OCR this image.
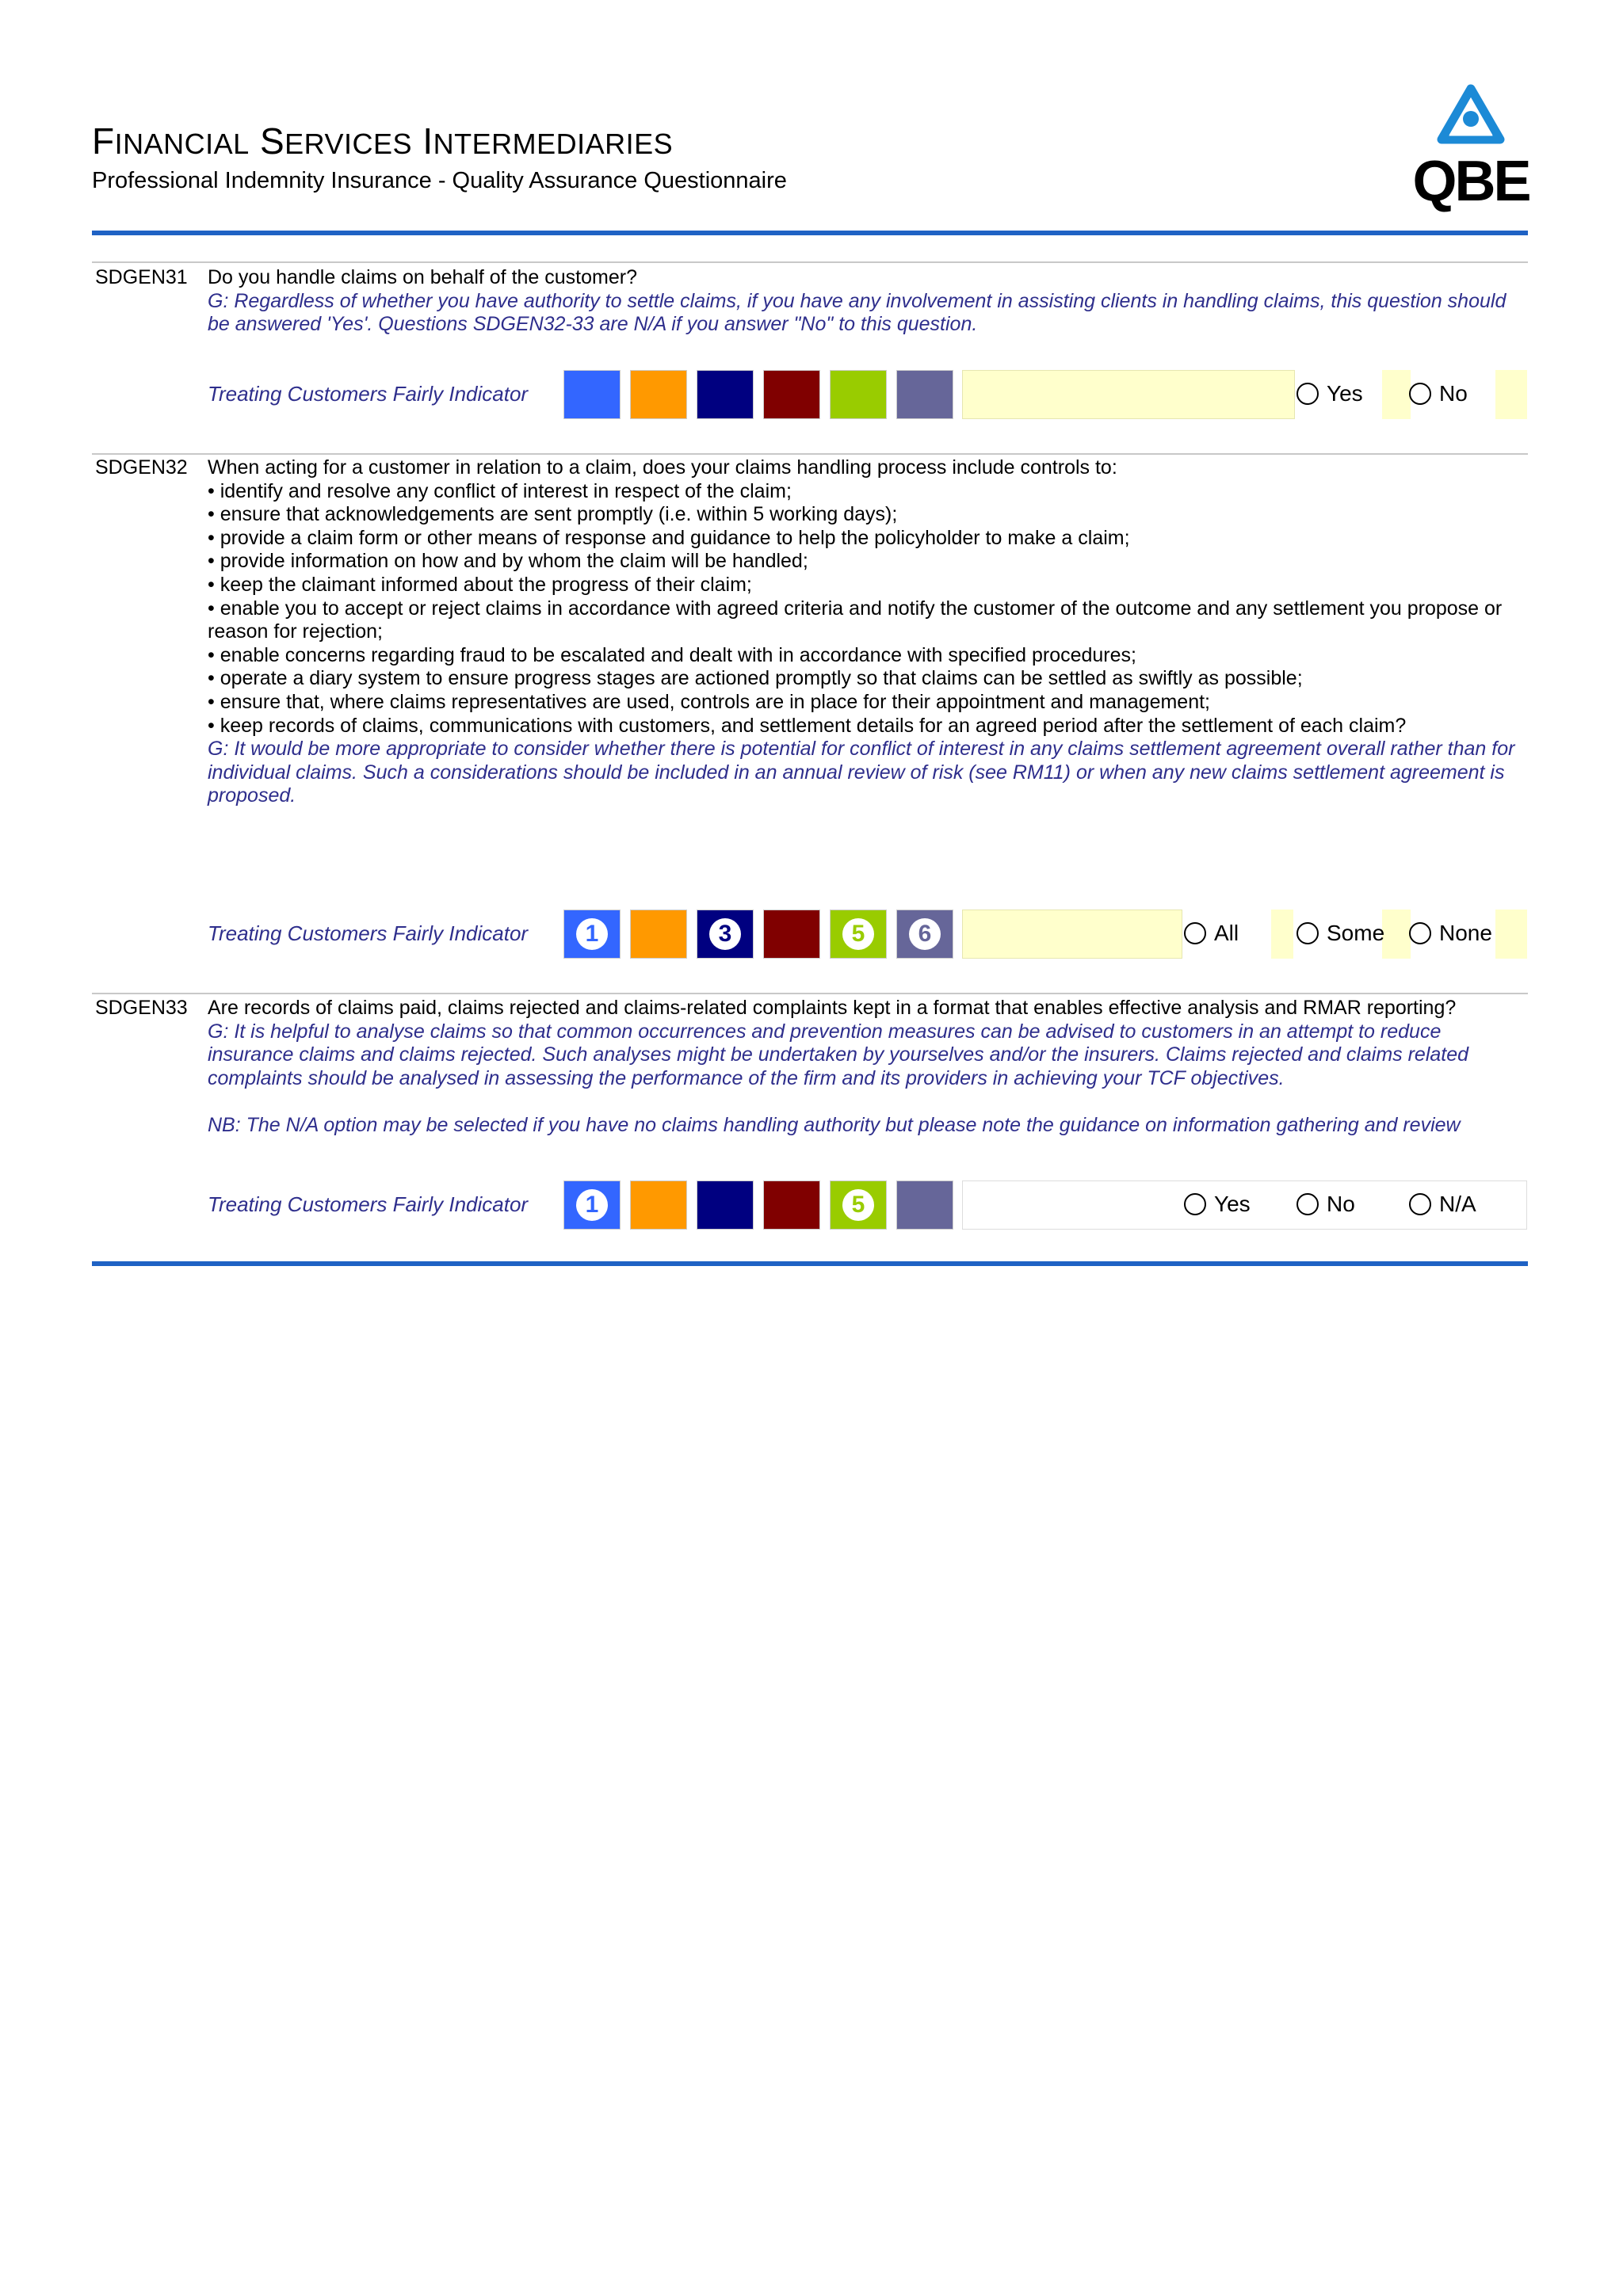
FINANCIAL SERVICES INTERMEDIARIES
Professional Indemnity Insurance - Quality Assurance Questionnaire	QBE
SDGEN31 Do you handle claims on behalf of the customer?
G: Regardless of whether you have authority to settle claims, if you have any involvement in assisting clients in handling claims, this question should be answered 'Yes'. Questions SDGEN32-33 are N/A if you answer "No" to this question.
Treating Customers Fairly Indicator	Yes	No
SDGEN32 When acting for a customer in relation to a claim, does your claims handling process include controls to:
• identify and resolve any conflict of interest in respect of the claim;
• ensure that acknowledgements are sent promptly (i.e. within 5 working days);
• provide a claim form or other means of response and guidance to help the policyholder to make a claim;
• provide information on how and by whom the claim will be handled;
• keep the claimant informed about the progress of their claim;
• enable you to accept or reject claims in accordance with agreed criteria and notify the customer of the outcome and any settlement you propose or reason for rejection;
• enable concerns regarding fraud to be escalated and dealt with in accordance with specified procedures;
• operate a diary system to ensure progress stages are actioned promptly so that claims can be settled as swiftly as possible;
• ensure that, where claims representatives are used, controls are in place for their appointment and management;
• keep records of claims, communications with customers, and settlement details for an agreed period after the settlement of each claim?
G: It would be more appropriate to consider whether there is potential for conflict of interest in any claims settlement agreement overall rather than for individual claims. Such a considerations should be included in an annual review of risk (see RM11) or when any new claims settlement agreement is proposed.
Treating Customers Fairly Indicator	1	3	5	6	All	Some None
SDGEN33 Are records of claims paid, claims rejected and claims-related complaints kept in a format that enables effective analysis and RMAR reporting?
G: It is helpful to analyse claims so that common occurrences and prevention measures can be advised to customers in an attempt to reduce insurance claims and claims rejected. Such analyses might be undertaken by yourselves and/or the insurers. Claims rejected and claims related complaints should be analysed in assessing the performance of the firm and its providers in achieving your TCF objectives.
NB: The N/A option may be selected if you have no claims handling authority but please note the guidance on information gathering and review
Treating Customers Fairly Indicator	1	5	Yes	No	N/A
